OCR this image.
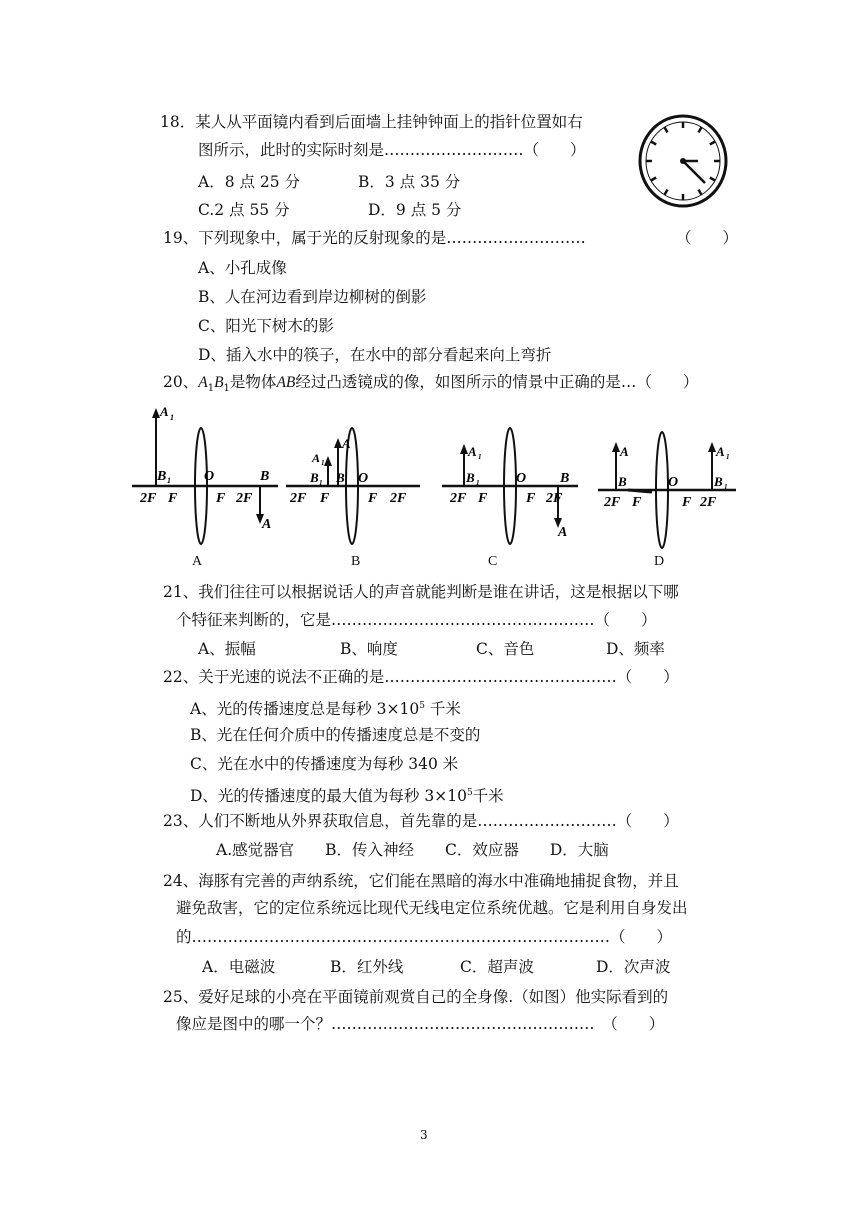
18．某人从平面镜内看到后面墙上挂钟钟面上的指针位置如右
图所示，此时的实际时刻是………………………（　　）
A．8 点 25 分	B．3 点 35 分
C.2 点 55 分	D．9 点 5 分
19、下列现象中，属于光的反射现象的是………………………	（　　）
A、小孔成像
B、人在河边看到岸边柳树的倒影
C、阳光下树木的影
D、插入水中的筷子，在水中的部分看起来向上弯折
20、$A_1B_1$是物体AB经过凸透镜成的像，如图所示的情景中正确的是…（　　）
A 1
B 1 O	B
A
2F F	F 2F
A
A 1
B 1 B O
2F F	F 2F
A 1
B 1	O B
A
2F F	F 2F
A	A 1
B	O	B 1
2F F	F 2F
A	B	C	D
21、我们往往可以根据说话人的声音就能判断是谁在讲话，这是根据以下哪
个特征来判断的，它是……………………………………………（　　）
A、振幅	B、响度	C、音色	D、频率
22、关于光速的说法不正确的是………………………………………（　　）
A、光的传播速度总是每秒 $3\times 10^5$ 千米
B、光在任何介质中的传播速度总是不变的
C、光在水中的传播速度为每秒 340 米
D、光的传播速度的最大值为每秒 $3\times 10^5$千米
23、人们不断地从外界获取信息，首先靠的是………………………（　　）
A.感觉器官　　B．传入神经　　C．效应器　　D．大脑
24、海豚有完善的声纳系统，它们能在黑暗的海水中准确地捕捉食物，并且
避免敌害，它的定位系统远比现代无线电定位系统优越。它是利用自身发出
的………………………………………………………………………（　　）
A．电磁波	B．红外线	C．超声波	D．次声波
25、爱好足球的小亮在平面镜前观赏自己的全身像.（如图）他实际看到的
像应是图中的哪一个？……………………………………………　（　　）
3
